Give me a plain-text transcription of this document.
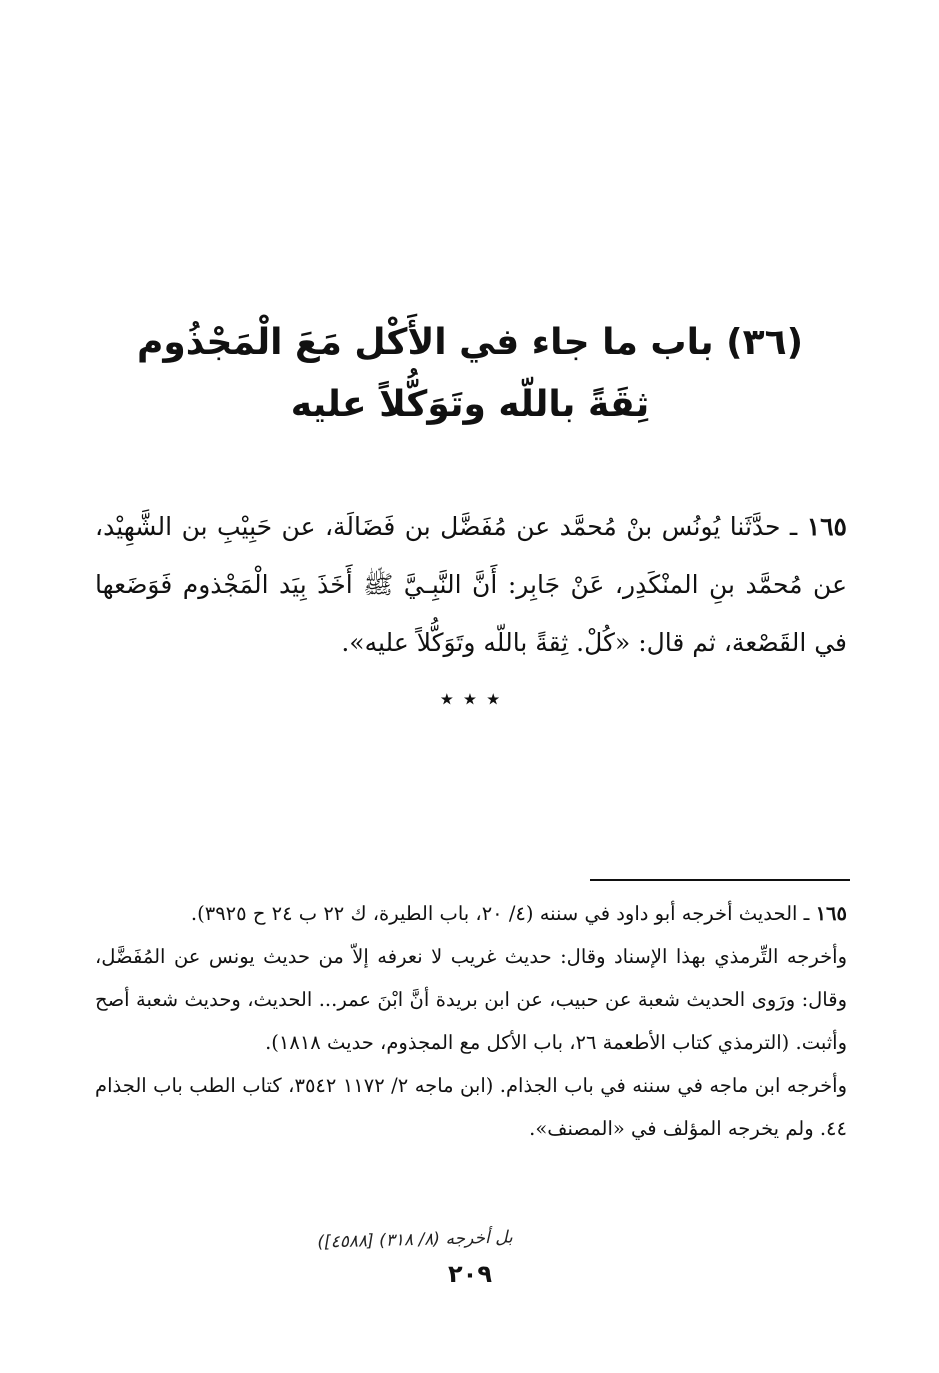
(٣٦) باب ما جاء في الأَكْل مَعَ الْمَجْذُوم
ثِقَةً باللّه وتَوَكُّلاً عليه
١٦٥ ـ حدَّثَنا يُونُس بنْ مُحمَّد عن مُفَضَّل بن فَضَالَة، عن حَبِيْبِ بن الشَّهِيْد، عن مُحمَّد بنِ المنْكَدِر، عَنْ جَابِر: أَنَّ النَّبِـيَّ ﷺ أَخَذَ بِيَد الْمَجْذوم فَوَضَعها في القَصْعة، ثم قال: «كُلْ. ثِقةً باللّه وتَوَكُّلاً عليه».
٭ ٭ ٭

١٦٥ ـ الحديث أخرجه أبو داود في سننه (٤/ ٢٠، باب الطيرة، ك ٢٢ ب ٢٤ ح ٣٩٢٥).

وأخرجه التِّرمذي بهذا الإسناد وقال: حديث غريب لا نعرفه إلاّ من حديث يونس عن المُفَضَّل، وقال: ورَوى الحديث شعبة عن حبيب، عن ابن بريدة أنَّ ابْنَ عمر... الحديث، وحديث شعبة أصح وأثبت. (الترمذي كتاب الأطعمة ٢٦، باب الأكل مع المجذوم، حديث ١٨١٨).

وأخرجه ابن ماجه في سننه في باب الجذام. (ابن ماجه ٢/ ١١٧٢ ٣٥٤٢، كتاب الطب باب الجذام ٤٤. ولم يخرجه المؤلف في «المصنف».

بل أخرجه (٨/ ٣١٨) [٤٥٨٨])
٢٠٩
